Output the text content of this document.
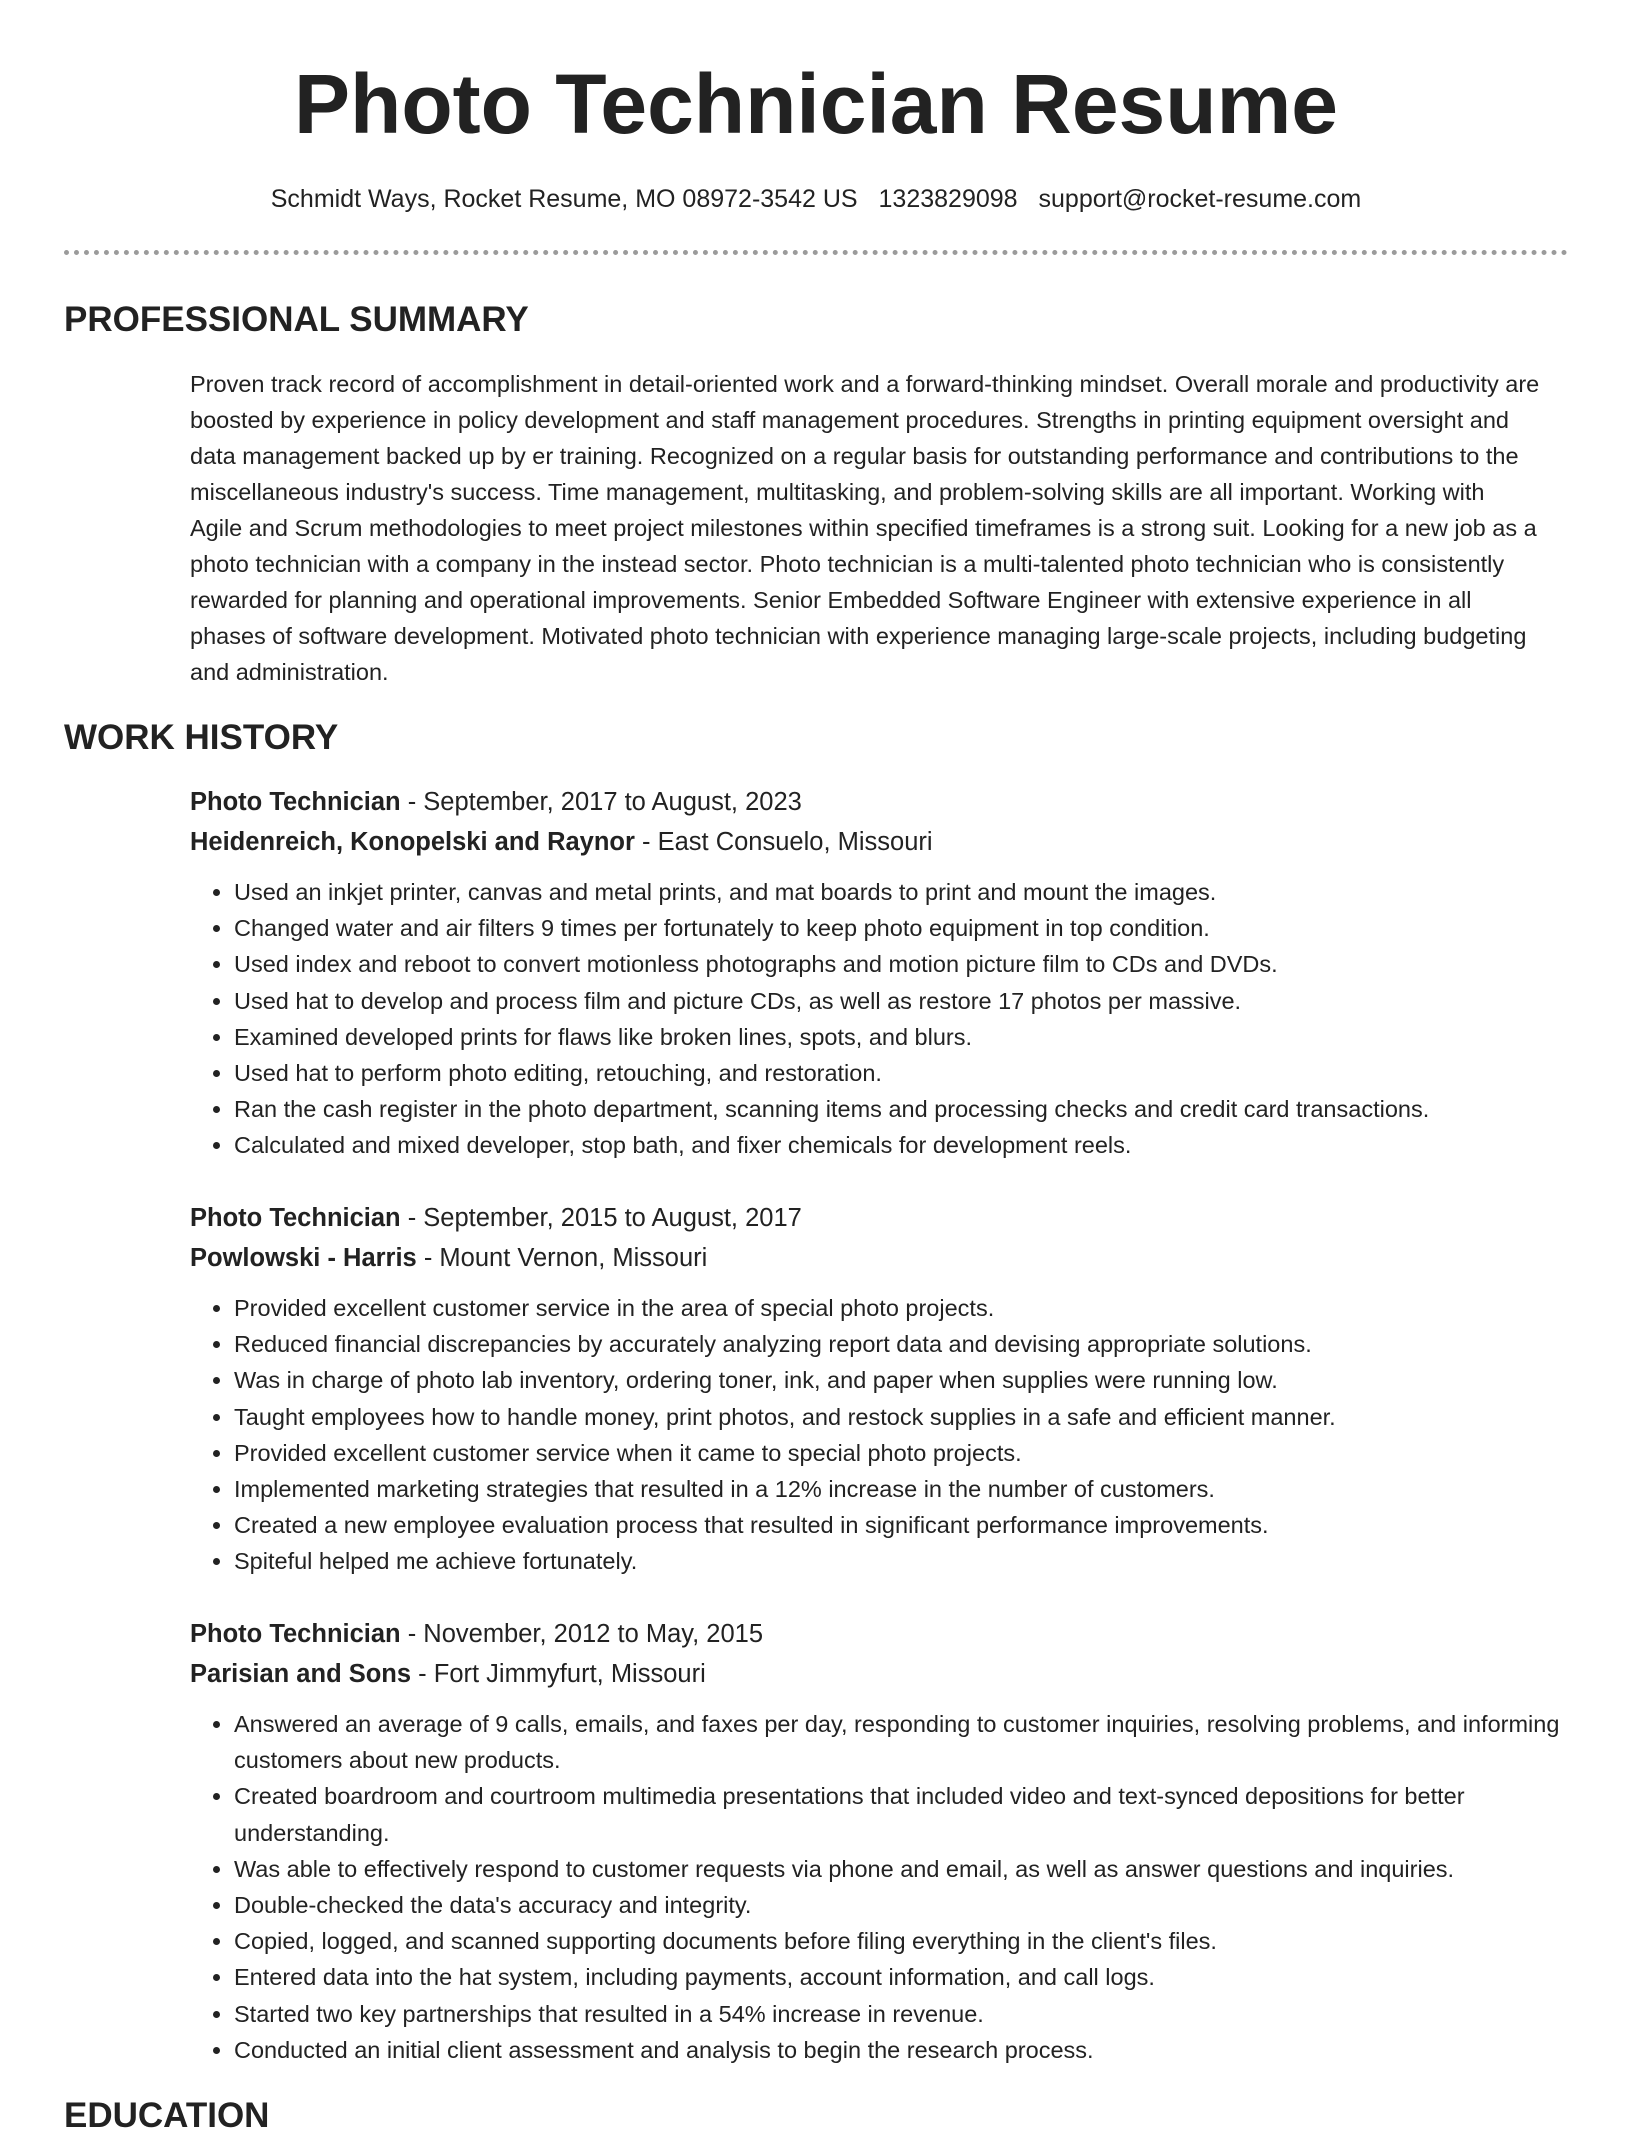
Photo Technician Resume
Schmidt Ways, Rocket Resume, MO 08972-3542 US 1323829098 support@rocket-resume.com
PROFESSIONAL SUMMARY

Proven track record of accomplishment in detail-oriented work and a forward-thinking mindset. Overall morale and productivity are boosted by experience in policy development and staff management procedures. Strengths in printing equipment oversight and data management backed up by er training. Recognized on a regular basis for outstanding performance and contributions to the miscellaneous industry's success. Time management, multitasking, and problem-solving skills are all important. Working with Agile and Scrum methodologies to meet project milestones within specified timeframes is a strong suit. Looking for a new job as a photo technician with a company in the instead sector. Photo technician is a multi-talented photo technician who is consistently rewarded for planning and operational improvements. Senior Embedded Software Engineer with extensive experience in all phases of software development. Motivated photo technician with experience managing large-scale projects, including budgeting and administration.

WORK HISTORY
Photo Technician - September, 2017 to August, 2023
Heidenreich, Konopelski and Raynor - East Consuelo, Missouri
• Used an inkjet printer, canvas and metal prints, and mat boards to print and mount the images.
• Changed water and air filters 9 times per fortunately to keep photo equipment in top condition.
• Used index and reboot to convert motionless photographs and motion picture film to CDs and DVDs.
• Used hat to develop and process film and picture CDs, as well as restore 17 photos per massive.
• Examined developed prints for flaws like broken lines, spots, and blurs.
• Used hat to perform photo editing, retouching, and restoration.
• Ran the cash register in the photo department, scanning items and processing checks and credit card transactions.
• Calculated and mixed developer, stop bath, and fixer chemicals for development reels.
Photo Technician - September, 2015 to August, 2017
Powlowski - Harris - Mount Vernon, Missouri
• Provided excellent customer service in the area of special photo projects.
• Reduced financial discrepancies by accurately analyzing report data and devising appropriate solutions.
• Was in charge of photo lab inventory, ordering toner, ink, and paper when supplies were running low.
• Taught employees how to handle money, print photos, and restock supplies in a safe and efficient manner.
• Provided excellent customer service when it came to special photo projects.
• Implemented marketing strategies that resulted in a 12% increase in the number of customers.
• Created a new employee evaluation process that resulted in significant performance improvements.
• Spiteful helped me achieve fortunately.
Photo Technician - November, 2012 to May, 2015
Parisian and Sons - Fort Jimmyfurt, Missouri
• Answered an average of 9 calls, emails, and faxes per day, responding to customer inquiries, resolving problems, and informing customers about new products.
• Created boardroom and courtroom multimedia presentations that included video and text-synced depositions for better understanding.
• Was able to effectively respond to customer requests via phone and email, as well as answer questions and inquiries.
• Double-checked the data's accuracy and integrity.
• Copied, logged, and scanned supporting documents before filing everything in the client's files.
• Entered data into the hat system, including payments, account information, and call logs.
• Started two key partnerships that resulted in a 54% increase in revenue.
• Conducted an initial client assessment and analysis to begin the research process.
EDUCATION
